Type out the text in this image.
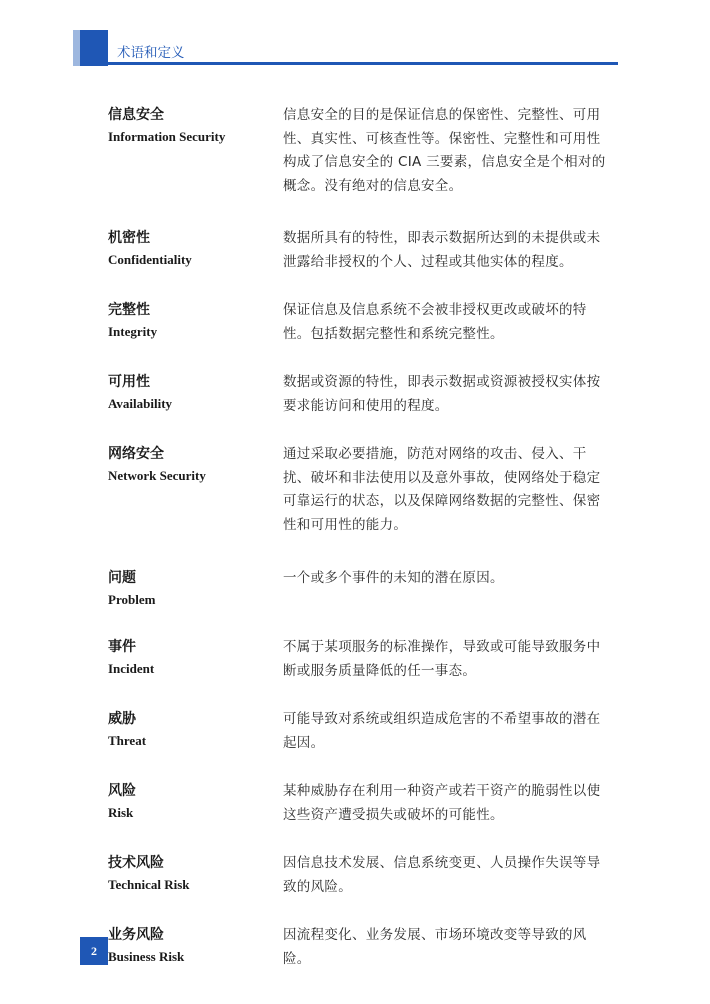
术语和定义
信息安全
Information Security
信息安全的目的是保证信息的保密性、完整性、可用
性、真实性、可核查性等。保密性、完整性和可用性
构成了信息安全的 CIA 三要素，信息安全是个相对的
概念。没有绝对的信息安全。
机密性
Confidentiality
数据所具有的特性，即表示数据所达到的未提供或未
泄露给非授权的个人、过程或其他实体的程度。
完整性
Integrity
保证信息及信息系统不会被非授权更改或破坏的特
性。包括数据完整性和系统完整性。
可用性
Availability
数据或资源的特性，即表示数据或资源被授权实体按
要求能访问和使用的程度。
网络安全
Network Security
通过采取必要措施，防范对网络的攻击、侵入、干
扰、破坏和非法使用以及意外事故，使网络处于稳定
可靠运行的状态，以及保障网络数据的完整性、保密
性和可用性的能力。
问题
Problem
一个或多个事件的未知的潜在原因。
事件
Incident
不属于某项服务的标准操作，导致或可能导致服务中
断或服务质量降低的任一事态。
威胁
Threat
可能导致对系统或组织造成危害的不希望事故的潜在
起因。
风险
Risk
某种威胁存在利用一种资产或若干资产的脆弱性以使
这些资产遭受损失或破坏的可能性。
技术风险
Technical Risk
因信息技术发展、信息系统变更、人员操作失误等导
致的风险。
业务风险
Business Risk
因流程变化、业务发展、市场环境改变等导致的风
险。
2
